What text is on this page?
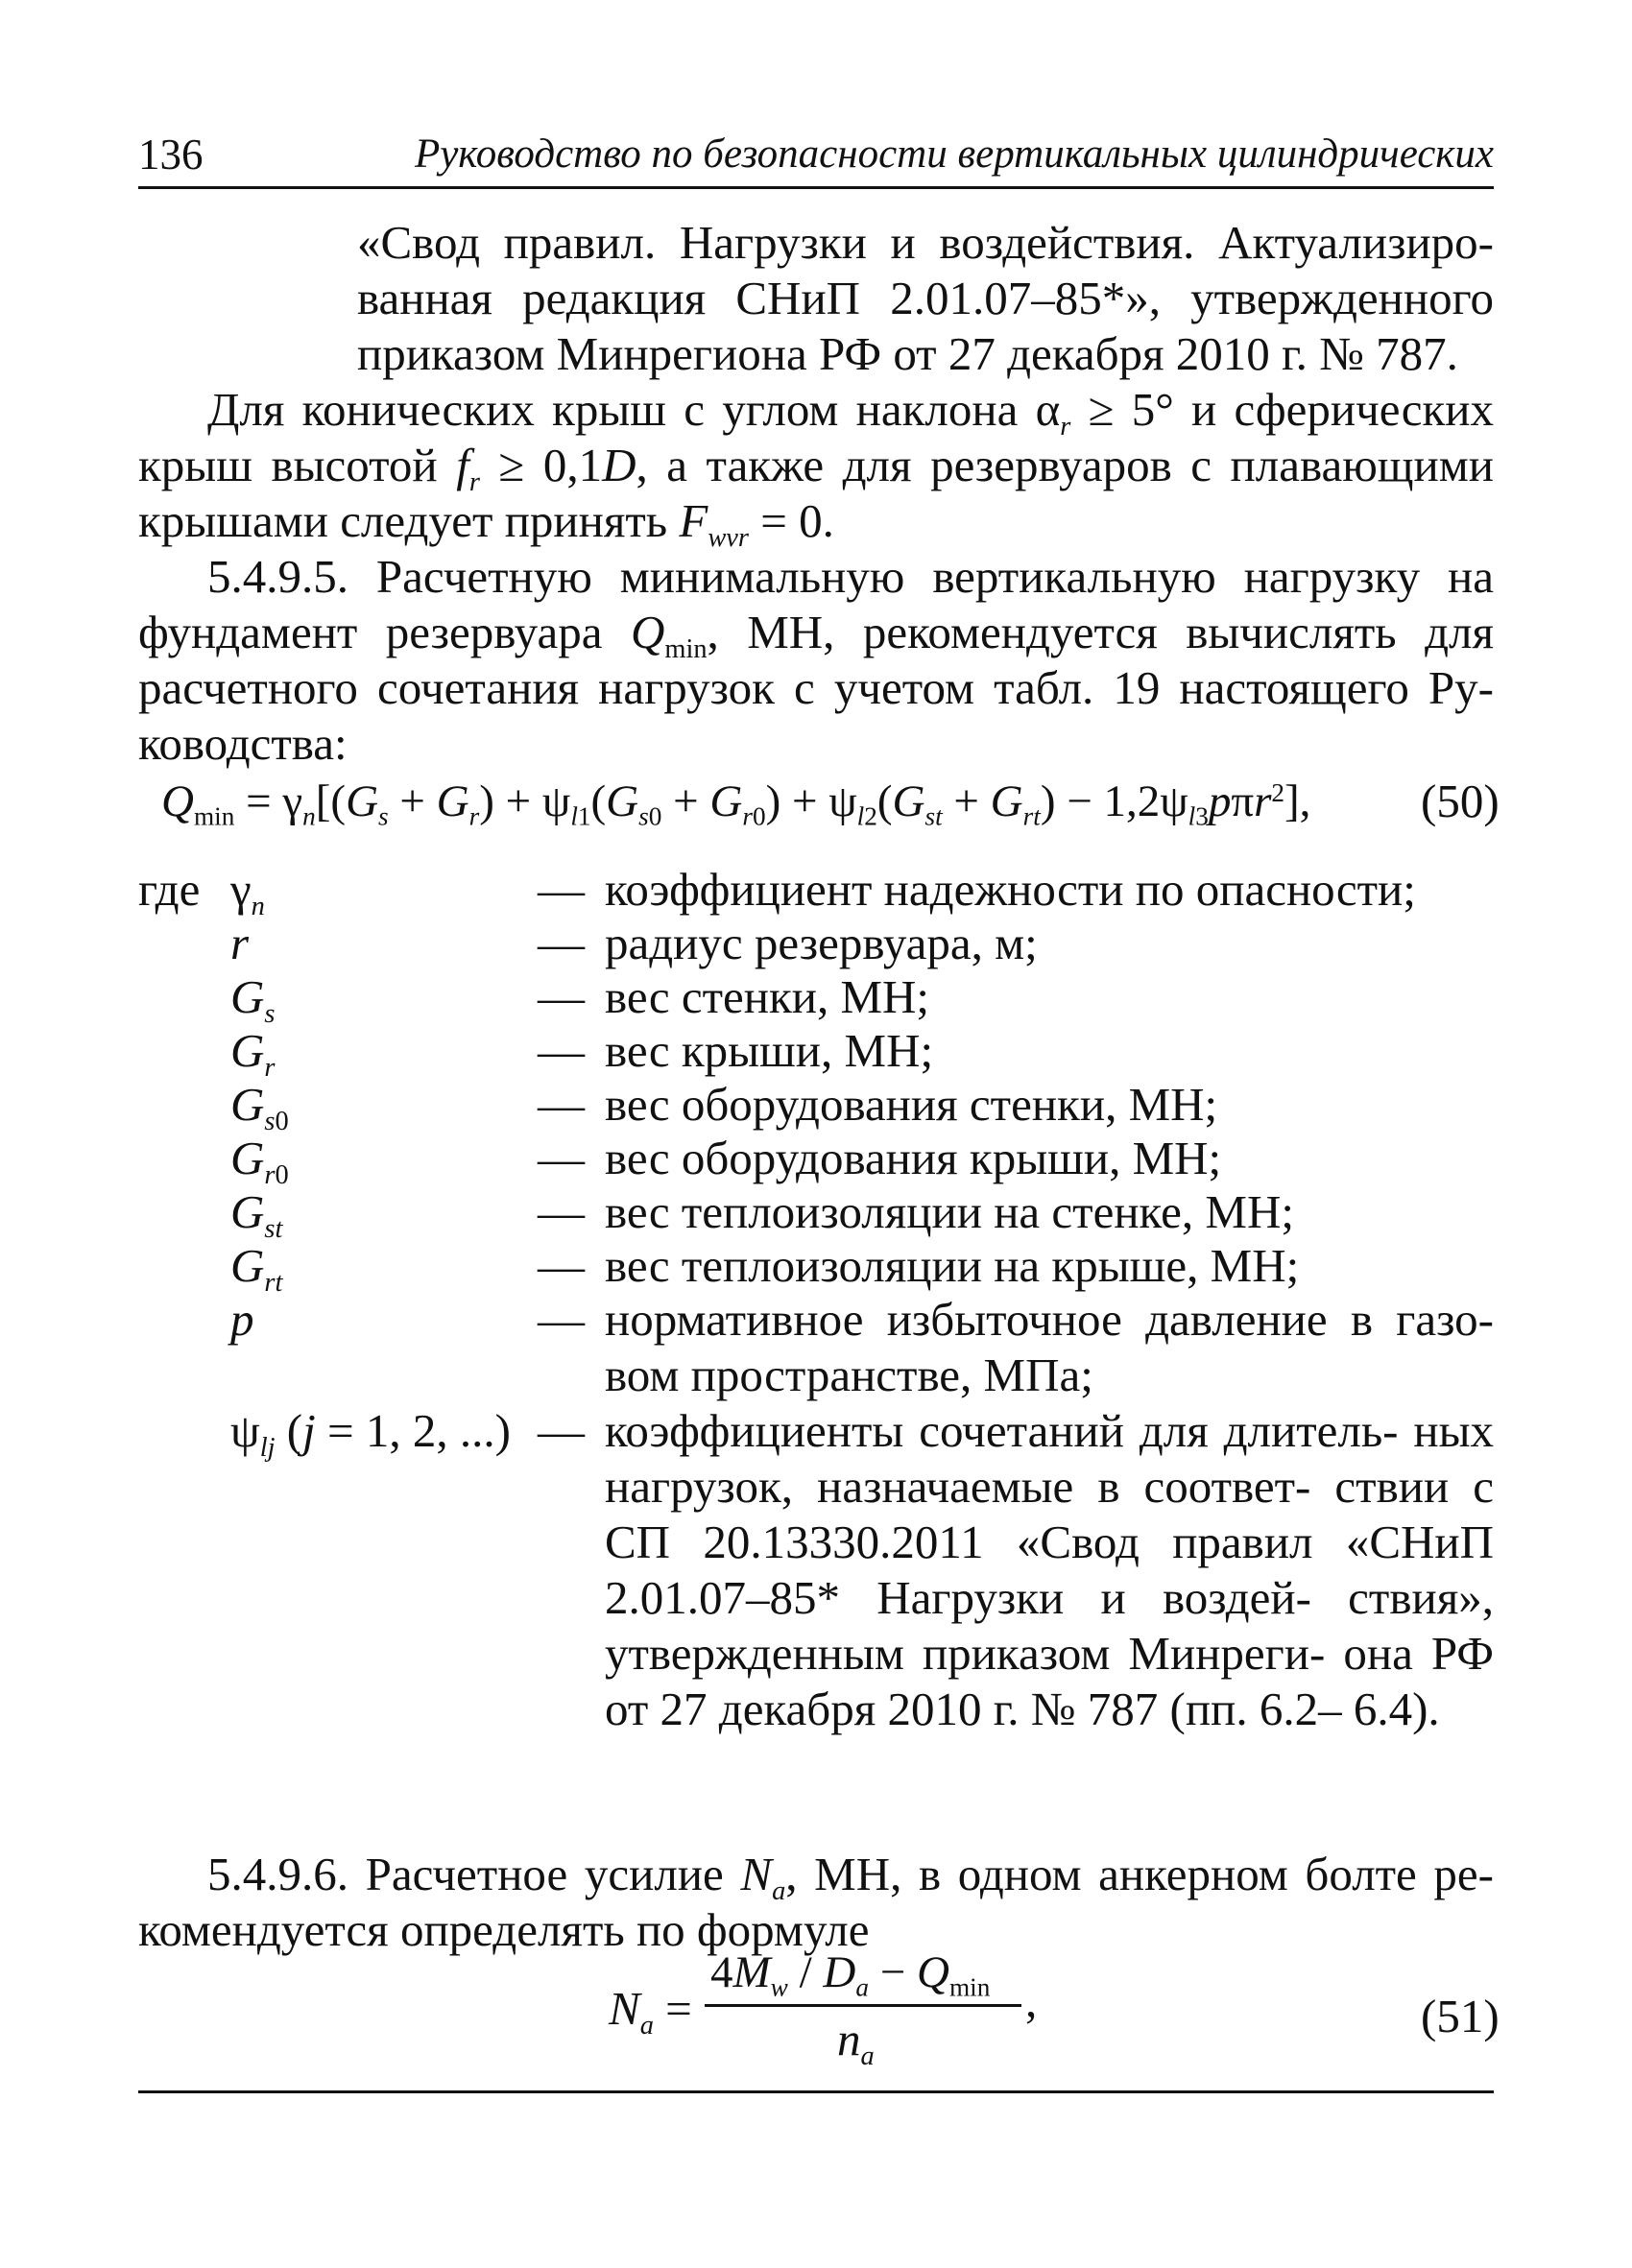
136	Руководство по безопасности вертикальных цилиндрических
«Свод правил. Нагрузки и воздействия. Актуализиро-
ванная редакция СНиП 2.01.07–85*», утвержденного
приказом Минрегиона РФ от 27 декабря 2010 г. № 787.
Для конических крыш с углом наклона $\alpha_r \ge 5^\circ$ и сферических
крыш высотой $f_r \ge 0,1D$, а также для резервуаров с плавающими
крышами следует принять $F_{wvr} = 0$.
5.4.9.5. Расчетную минимальную вертикальную нагрузку на
фундамент резервуара $Q_{min}$, МН, рекомендуется вычислять для
расчетного сочетания нагрузок с учетом табл. 19 настоящего Ру-
ководства:
$Q_{min} = \gamma_n[(G_s + G_r) + \psi_{l1}(G_{s0} + G_{r0}) + \psi_{l2}(G_{st} + G_{rt}) - 1,2\psi_{l3}p\pi r^2]$, (50)
где $\gamma_n$	— коэффициент надежности по опасности;
r	— радиус резервуара, м;
$G_s$	— вес стенки, МН;
$G_r$	— вес крыши, МН;
$G_{s0}$	— вес оборудования стенки, МН;
$G_{r0}$	— вес оборудования крыши, МН;
$G_{st}$	— вес теплоизоляции на стенке, МН;
$G_{rt}$	— вес теплоизоляции на крыше, МН;
p	— нормативное избыточное давление в газо- вом пространстве, МПа;
$\psi_{lj}$ (j = 1, 2, ...) — коэффициенты сочетаний для длитель- ных нагрузок, назначаемые в соответ- ствии с СП 20.13330.2011 «Свод правил «СНиП 2.01.07–85* Нагрузки и воздей- ствия», утвержденным приказом Минреги- она РФ от 27 декабря 2010 г. № 787 (пп. 6.2– 6.4).
5.4.9.6. Расчетное усилие $N_a$, МН, в одном анкерном болте ре-
комендуется определять по формуле
$N_a$ =
$4M_w / D_a - Q_{min}$
$n_a$
,	(51)
